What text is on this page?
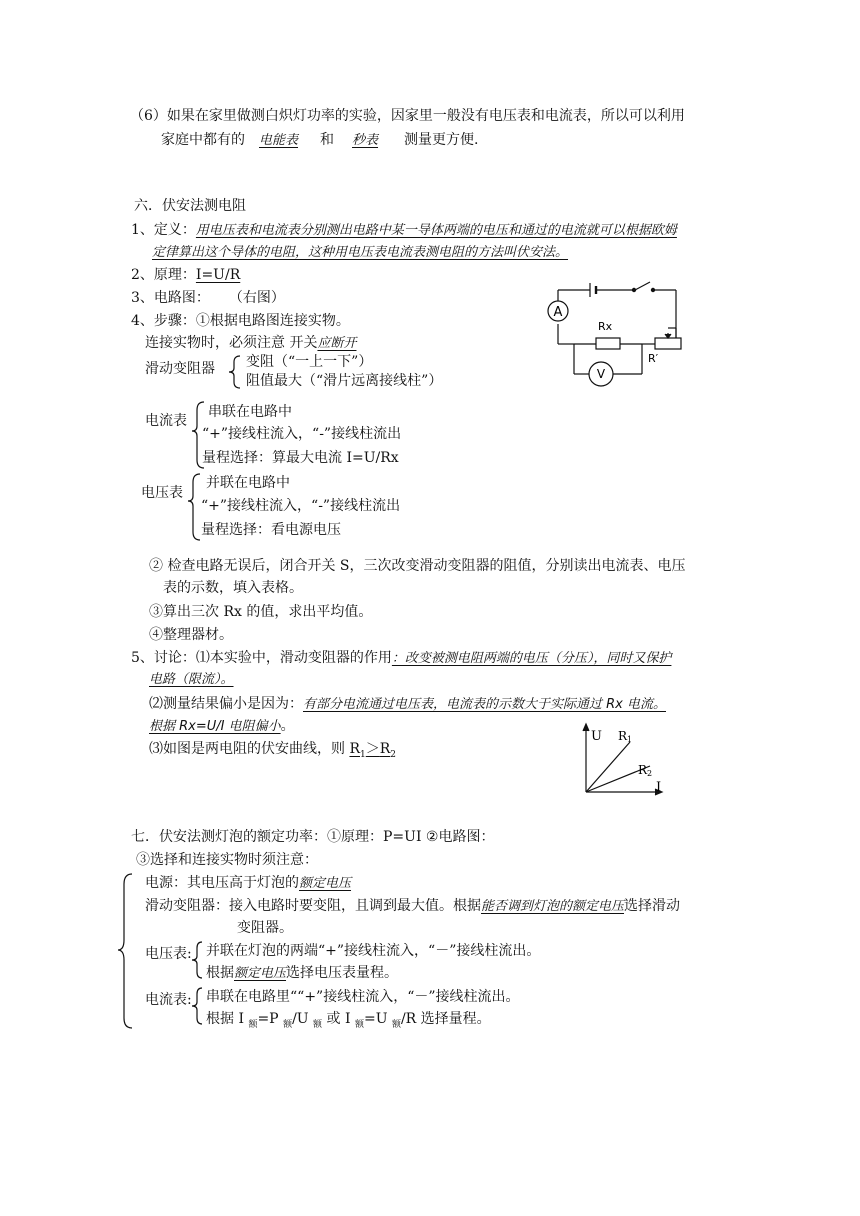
（6）如果在家里做测白炽灯功率的实验，因家里一般没有电压表和电流表，所以可以利用
家庭中都有的 电能表 和 秒表 测量更方便.
六．伏安法测电阻
1、定义：用电压表和电流表分别测出电路中某一导体两端的电压和通过的电流就可以根据欧姆
定律算出这个导体的电阻，这种用电压表电流表测电阻的方法叫伏安法。
2、原理：I=U/R
3、电路图： （右图）
4、步骤：①根据电路图连接实物。
连接实物时，必须注意 开关应断开
滑动变阻器 变阻（“一上一下”）
阻值最大（“滑片远离接线柱”）
电流表
串联在电路中
“+”接线柱流入，“-”接线柱流出
量程选择：算最大电流 I=U/Rx
电压表
并联在电路中
“+”接线柱流入，“-”接线柱流出
量程选择：看电源电压
② 检查电路无误后，闭合开关 S，三次改变滑动变阻器的阻值，分别读出电流表、电压
表的示数，填入表格。
③算出三次 Rx 的值，求出平均值。
④整理器材。
5、讨论：⑴本实验中，滑动变阻器的作用：改变被测电阻两端的电压（分压），同时又保护
电路（限流）。
⑵测量结果偏小是因为：有部分电流通过电压表，电流表的示数大于实际通过 Rx 电流。
根据 Rx=U/I 电阻偏小。
⑶如图是两电阻的伏安曲线，则 $R_1>R_2$
A
V
Rx
R′
U
I
R1
R2
七．伏安法测灯泡的额定功率：①原理：P=UI ②电路图：
③选择和连接实物时须注意：
电源：其电压高于灯泡的额定电压
滑动变阻器：接入电路时要变阻，且调到最大值。根据能否调到灯泡的额定电压选择滑动
变阻器。
电压表: 并联在灯泡的两端“+”接线柱流入，“－”接线柱流出。
根据额定电压选择电压表量程。
电流表: 串联在电路里““+”接线柱流入，“－”接线柱流出。
根据 I $_额$=P $_额$/U $_额$ 或 I $_额$=U $_额$/R 选择量程。
